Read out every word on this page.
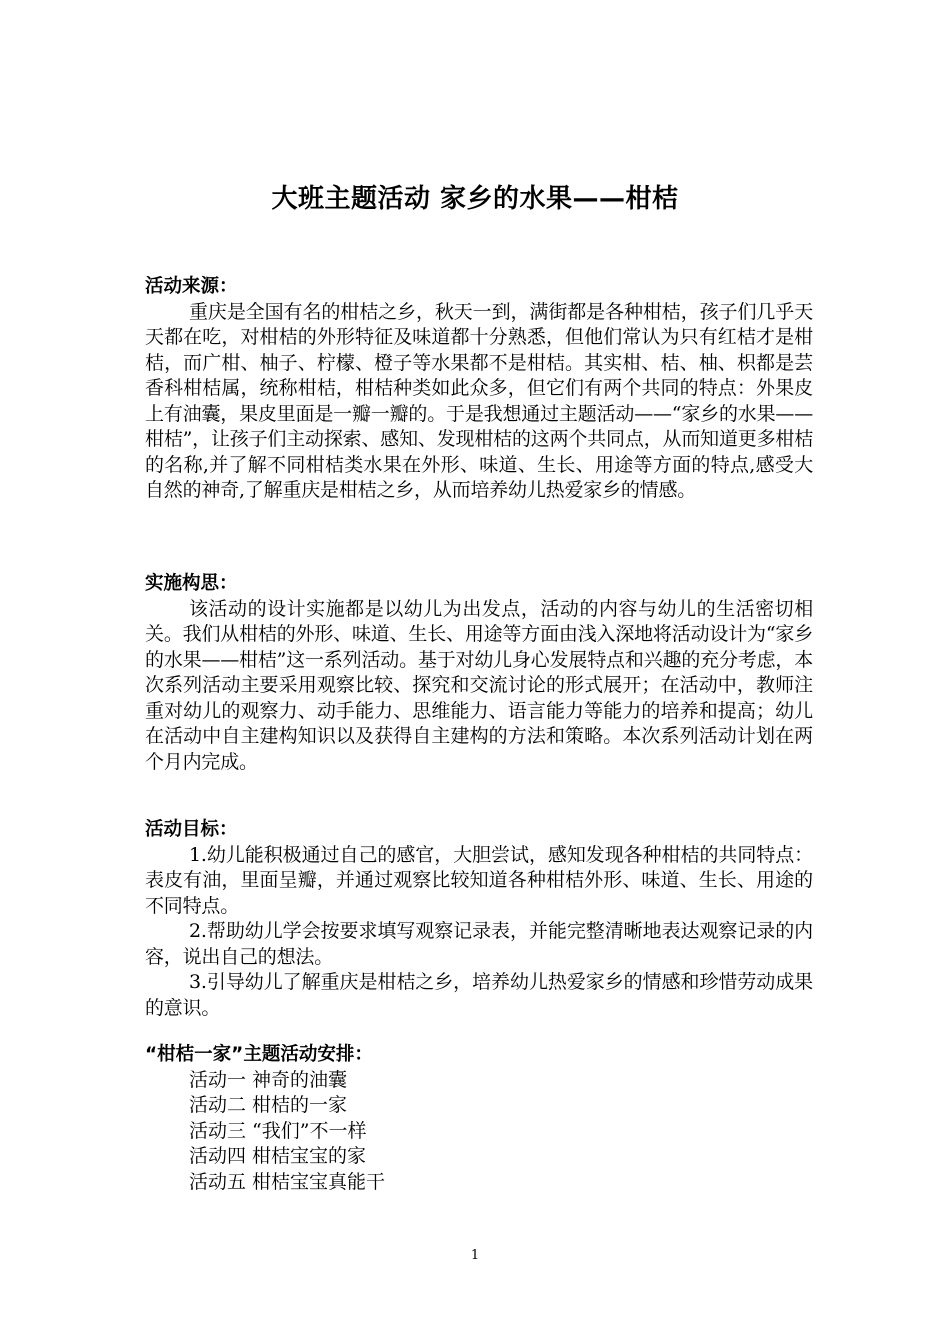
大班主题活动 家乡的水果——柑桔

活动来源：

重庆是全国有名的柑桔之乡，秋天一到，满街都是各种柑桔，孩子们几乎天天都在吃，对柑桔的外形特征及味道都十分熟悉，但他们常认为只有红桔才是柑桔，而广柑、柚子、柠檬、橙子等水果都不是柑桔。其实柑、桔、柚、枳都是芸香科柑桔属，统称柑桔，柑桔种类如此众多，但它们有两个共同的特点：外果皮上有油囊，果皮里面是一瓣一瓣的。于是我想通过主题活动——“家乡的水果——柑桔”，让孩子们主动探索、感知、发现柑桔的这两个共同点，从而知道更多柑桔的名称,并了解不同柑桔类水果在外形、味道、生长、用途等方面的特点,感受大自然的神奇,了解重庆是柑桔之乡，从而培养幼儿热爱家乡的情感。

实施构思：

该活动的设计实施都是以幼儿为出发点，活动的内容与幼儿的生活密切相关。我们从柑桔的外形、味道、生长、用途等方面由浅入深地将活动设计为“家乡的水果——柑桔”这一系列活动。基于对幼儿身心发展特点和兴趣的充分考虑，本次系列活动主要采用观察比较、探究和交流讨论的形式展开；在活动中，教师注重对幼儿的观察力、动手能力、思维能力、语言能力等能力的培养和提高；幼儿在活动中自主建构知识以及获得自主建构的方法和策略。本次系列活动计划在两个月内完成。

活动目标：

1.幼儿能积极通过自己的感官，大胆尝试，感知发现各种柑桔的共同特点：表皮有油，里面呈瓣，并通过观察比较知道各种柑桔外形、味道、生长、用途的不同特点。

2.帮助幼儿学会按要求填写观察记录表，并能完整清晰地表达观察记录的内容，说出自己的想法。

3.引导幼儿了解重庆是柑桔之乡，培养幼儿热爱家乡的情感和珍惜劳动成果的意识。

“柑桔一家”主题活动安排：

活动一 神奇的油囊

活动二 柑桔的一家

活动三 “我们”不一样

活动四 柑桔宝宝的家

活动五 柑桔宝宝真能干

1
